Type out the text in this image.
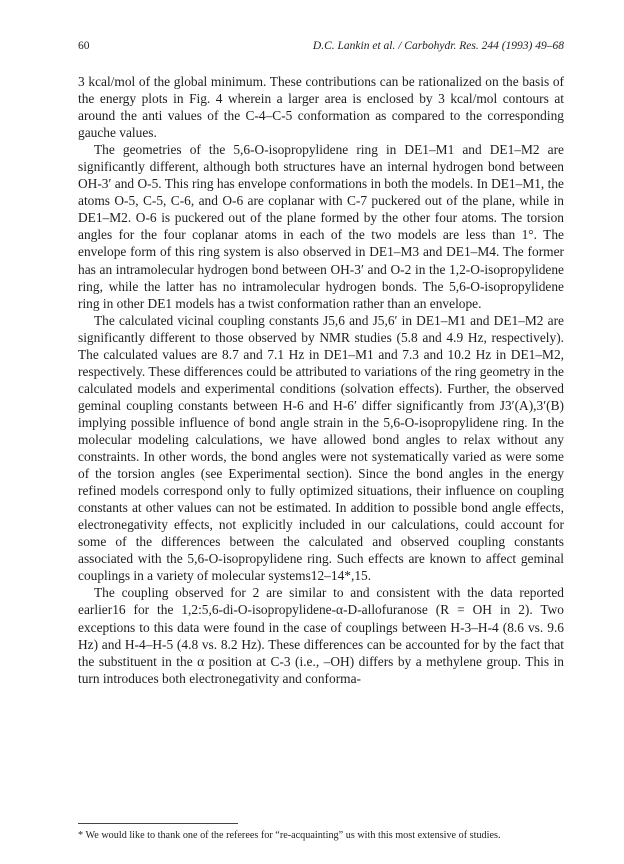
60	D.C. Lankin et al. / Carbohydr. Res. 244 (1993) 49–68

3 kcal/mol of the global minimum. These contributions can be rationalized on the basis of the energy plots in Fig. 4 wherein a larger area is enclosed by 3 kcal/mol contours at around the anti values of the C-4–C-5 conformation as compared to the corresponding gauche values.

The geometries of the 5,6-O-isopropylidene ring in DE1–M1 and DE1–M2 are significantly different, although both structures have an internal hydrogen bond between OH-3′ and O-5. This ring has envelope conformations in both the models. In DE1–M1, the atoms O-5, C-5, C-6, and O-6 are coplanar with C-7 puckered out of the plane, while in DE1–M2. O-6 is puckered out of the plane formed by the other four atoms. The torsion angles for the four coplanar atoms in each of the two models are less than 1°. The envelope form of this ring system is also observed in DE1–M3 and DE1–M4. The former has an intramolecular hydrogen bond between OH-3′ and O-2 in the 1,2-O-isopropylidene ring, while the latter has no intramolecular hydrogen bonds. The 5,6-O-isopropylidene ring in other DE1 models has a twist conformation rather than an envelope.

The calculated vicinal coupling constants J5,6 and J5,6′ in DE1–M1 and DE1–M2 are significantly different to those observed by NMR studies (5.8 and 4.9 Hz, respectively). The calculated values are 8.7 and 7.1 Hz in DE1–M1 and 7.3 and 10.2 Hz in DE1–M2, respectively. These differences could be attributed to variations of the ring geometry in the calculated models and experimental conditions (solvation effects). Further, the observed geminal coupling constants between H-6 and H-6′ differ significantly from J3′(A),3′(B) implying possible influence of bond angle strain in the 5,6-O-isopropylidene ring. In the molecular modeling calculations, we have allowed bond angles to relax without any constraints. In other words, the bond angles were not systematically varied as were some of the torsion angles (see Experimental section). Since the bond angles in the energy refined models correspond only to fully optimized situations, their influence on coupling constants at other values can not be estimated. In addition to possible bond angle effects, electronegativity effects, not explicitly included in our calculations, could account for some of the differences between the calculated and observed coupling constants associated with the 5,6-O-isopropylidene ring. Such effects are known to affect geminal couplings in a variety of molecular systems12–14*,15.

The coupling observed for 2 are similar to and consistent with the data reported earlier16 for the 1,2:5,6-di-O-isopropylidene-α-D-allofuranose (R = OH in 2). Two exceptions to this data were found in the case of couplings between H-3–H-4 (8.6 vs. 9.6 Hz) and H-4–H-5 (4.8 vs. 8.2 Hz). These differences can be accounted for by the fact that the substituent in the α position at C-3 (i.e., –OH) differs by a methylene group. This in turn introduces both electronegativity and conforma-

* We would like to thank one of the referees for “re-acquainting” us with this most extensive of studies.
